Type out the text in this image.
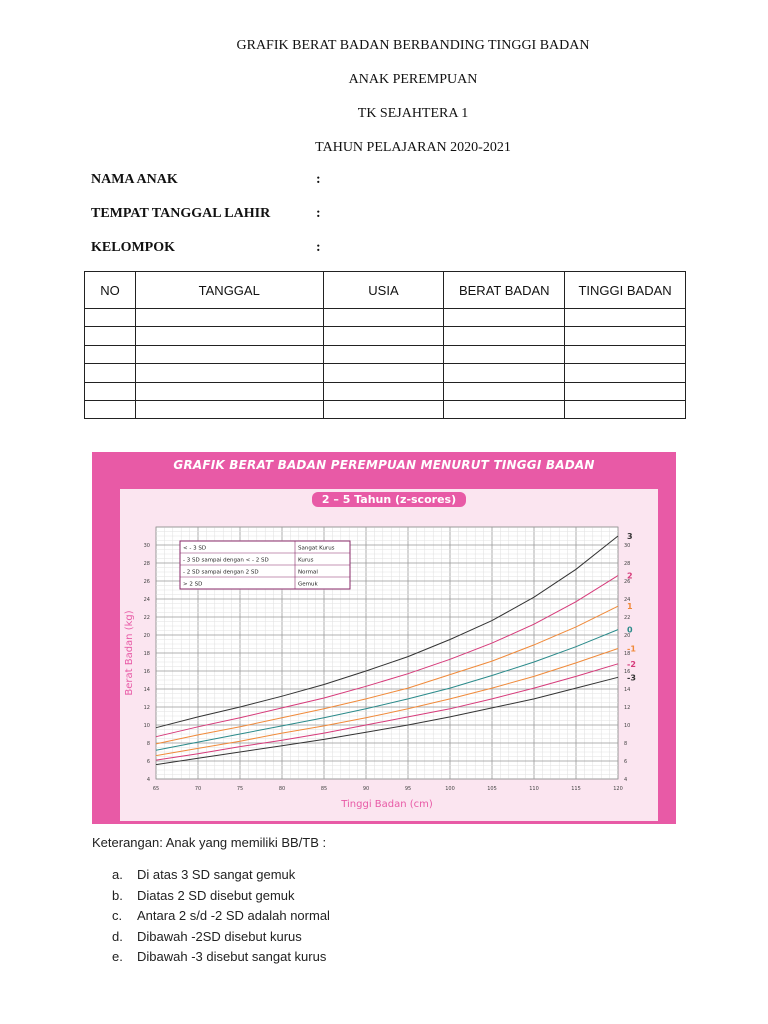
GRAFIK BERAT BADAN BERBANDING TINGGI BADAN
ANAK PEREMPUAN
TK SEJAHTERA 1
TAHUN PELAJARAN 2020-2021
NAMA ANAK	:
TEMPAT TANGGAL LAHIR	:
KELOMPOK	:
NO	TANGGAL	USIA	BERAT BADAN	TINGGI BADAN

GRAFIK BERAT BADAN PEREMPUAN MENURUT TINGGI BADAN
65	70	75	80	85	90	95	100	105	110	115	120
4	4
6	6
8	8
10	10
12	12
14	14
16	16
18	18
20	20
22	22
24	24
26	26
28	28
30	30
Tinggi Badan (cm)
Berat Badan (kg)
3
2
1
0
-1
-2
-3
< - 3 SD	Sangat Kurus
- 3 SD sampai dengan < - 2 SD	Kurus
- 2 SD sampai dengan 2 SD	Normal
> 2 SD	Gemuk
2 – 5 Tahun (z-scores)
Keterangan: Anak yang memiliki BB/TB :
a. Di atas 3 SD sangat gemuk
b. Diatas 2 SD disebut gemuk
c. Antara 2 s/d -2 SD adalah normal
d. Dibawah -2SD disebut kurus
e. Dibawah -3 disebut sangat kurus
